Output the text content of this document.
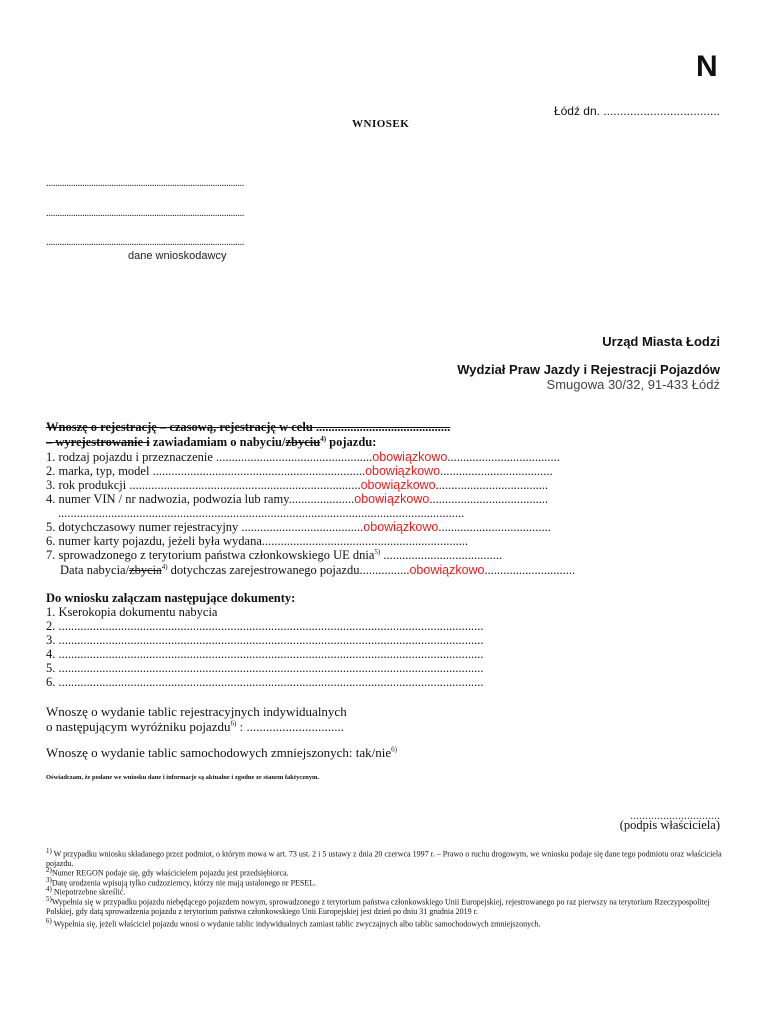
N
Łódź dn. ...................................
WNIOSEK
........................................................................................
........................................................................................
........................................................................................
dane wnioskodawcy
Urząd Miasta Łodzi
Wydział Praw Jazdy i Rejestracji Pojazdów
Smugowa 30/32, 91-433 Łódź
Wnoszę o rejestrację – czasową, rejestrację w celu ...........................................
– wyrejestrowanie i zawiadamiam o nabyciu/zbyciu$^{4)}$ pojazdu:
1. rodzaj pojazdu i przeznaczenie ..................................................obowiązkowo....................................
2. marka, typ, model ....................................................................obowiązkowo....................................
3. rok produkcji ..........................................................................obowiązkowo....................................
4. numer VIN / nr nadwozia, podwozia lub ramy.....................obowiązkowo......................................
..................................................................................................................................
5. dotychczasowy numer rejestracyjny .......................................obowiązkowo....................................
6. numer karty pojazdu, jeżeli była wydana..................................................................
7. sprowadzonego z terytorium państwa członkowskiego UE dnia$^{5)}$ ......................................
Data nabycia/zbycia$^{4)}$ dotychczas zarejestrowanego pojazdu................obowiązkowo.............................
Do wniosku załączam następujące dokumenty:
1. Kserokopia dokumentu nabycia
2. ........................................................................................................................................
3. ........................................................................................................................................
4. ........................................................................................................................................
5. ........................................................................................................................................
6. ........................................................................................................................................
Wnoszę o wydanie tablic rejestracyjnych indywidualnych
o następującym wyróżniku pojazdu$^{6)}$ : ..............................
Wnoszę o wydanie tablic samochodowych zmniejszonych: tak/nie$^{6)}$
Oświadczam, że podane we wniosku dane i informacje są aktualne i zgodne ze stanem faktycznym.
..............................
(podpis właściciela)
1) W przypadku wniosku składanego przez podmiot, o którym mowa w art. 73 ust. 2 i 5 ustawy z dnia 20 czerwca 1997 r. – Prawo o ruchu drogowym, we wniosku podaje się dane tego podmiotu oraz właściciela pojazdu.
2)Numer REGON podaje się, gdy właścicielem pojazdu jest przedsiębiorca.
3)Datę urodzenia wpisują tylko cudzoziemcy, którzy nie mają ustalonego nr PESEL.
4) Niepotrzebne skreślić.
5)Wypełnia się w przypadku pojazdu niebędącego pojazdem nowym, sprowadzonego z terytorium państwa członkowskiego Unii Europejskiej, rejestrowanego po raz pierwszy na terytorium Rzeczypospolitej Polskiej, gdy datą sprowadzenia pojazdu z terytorium państwa członkowskiego Unii Europejskiej jest dzień po dniu 31 grudnia 2019 r.
6) Wypełnia się, jeżeli właściciel pojazdu wnosi o wydanie tablic indywidualnych zamiast tablic zwyczajnych albo tablic samochodowych zmniejszonych.
